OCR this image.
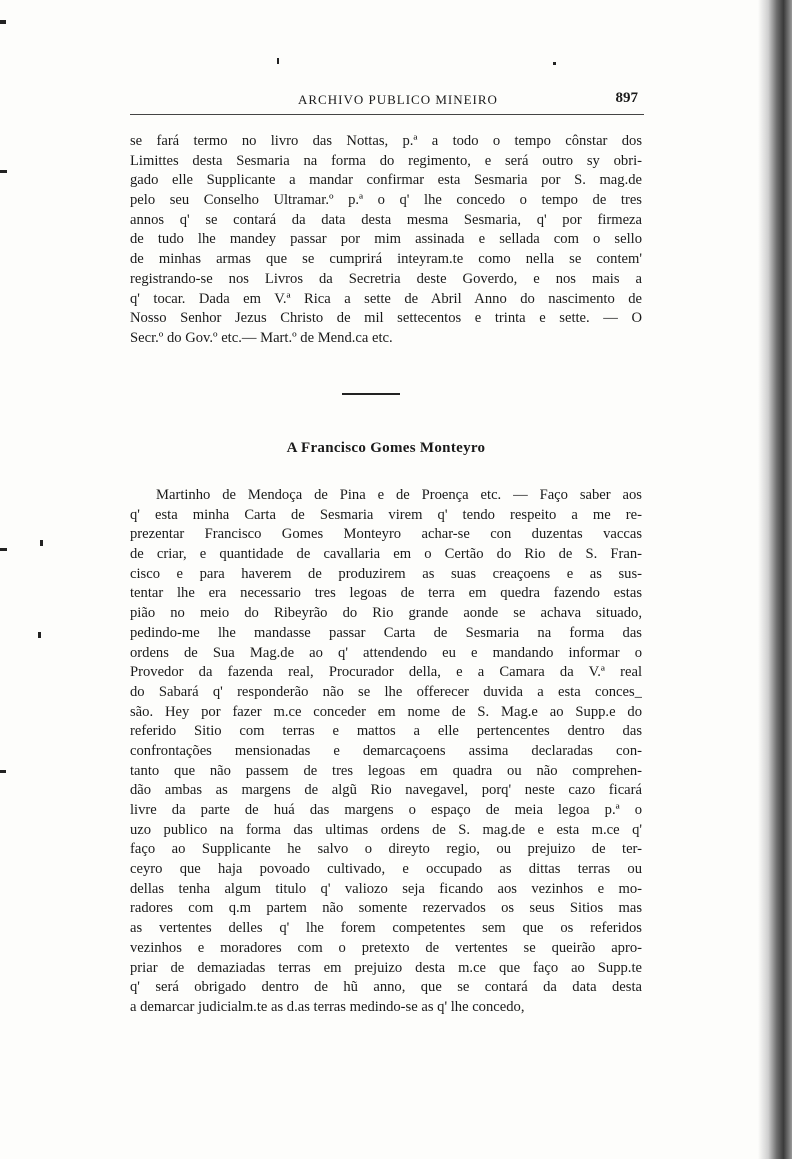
ARCHIVO PUBLICO MINEIRO	897
se fará termo no livro das Nottas, p.ª a todo o tempo cônstar dos
Limittes desta Sesmaria na forma do regimento, e será outro sy obri-
gado elle Supplicante a mandar confirmar esta Sesmaria por S. mag.de
pelo seu Conselho Ultramar.º p.ª o q' lhe concedo o tempo de tres
annos q' se contará da data desta mesma Sesmaria, q' por firmeza
de tudo lhe mandey passar por mim assinada e sellada com o sello
de minhas armas que se cumprirá inteyram.te como nella se contem'
registrando-se nos Livros da Secretria deste Goverdo, e nos mais a
q' tocar. Dada em V.ª Rica a sette de Abril Anno do nascimento de
Nosso Senhor Jezus Christo de mil settecentos e trinta e sette. — O
Secr.º do Gov.º etc.— Mart.º de Mend.ca etc.
A Francisco Gomes Monteyro
Martinho de Mendoça de Pina e de Proença etc. — Faço saber aos
q' esta minha Carta de Sesmaria virem q' tendo respeito a me re-
prezentar Francisco Gomes Monteyro achar-se con duzentas vaccas
de criar, e quantidade de cavallaria em o Certão do Rio de S. Fran-
cisco e para haverem de produzirem as suas creaçoens e as sus-
tentar lhe era necessario tres legoas de terra em quedra fazendo estas
pião no meio do Ribeyrão do Rio grande aonde se achava situado,
pedindo-me lhe mandasse passar Carta de Sesmaria na forma das
ordens de Sua Mag.de ao q' attendendo eu e mandando informar o
Provedor da fazenda real, Procurador della, e a Camara da V.ª real
do Sabará q' responderão não se lhe offerecer duvida a esta conces_
são. Hey por fazer m.ce conceder em nome de S. Mag.e ao Supp.e do
referido Sitio com terras e mattos a elle pertencentes dentro das
confrontações mensionadas e demarcaçoens assima declaradas con-
tanto que não passem de tres legoas em quadra ou não comprehen-
dão ambas as margens de algũ Rio navegavel, porq' neste cazo ficará
livre da parte de huá das margens o espaço de meia legoa p.ª o
uzo publico na forma das ultimas ordens de S. mag.de e esta m.ce q'
faço ao Supplicante he salvo o direyto regio, ou prejuizo de ter-
ceyro que haja povoado cultivado, e occupado as dittas terras ou
dellas tenha algum titulo q' valiozo seja ficando aos vezinhos e mo-
radores com q.m partem não somente rezervados os seus Sitios mas
as vertentes delles q' lhe forem competentes sem que os referidos
vezinhos e moradores com o pretexto de vertentes se queirão apro-
priar de demaziadas terras em prejuizo desta m.ce que faço ao Supp.te
q' será obrigado dentro de hũ anno, que se contará da data desta
a demarcar judicialm.te as d.as terras medindo-se as q' lhe concedo,
